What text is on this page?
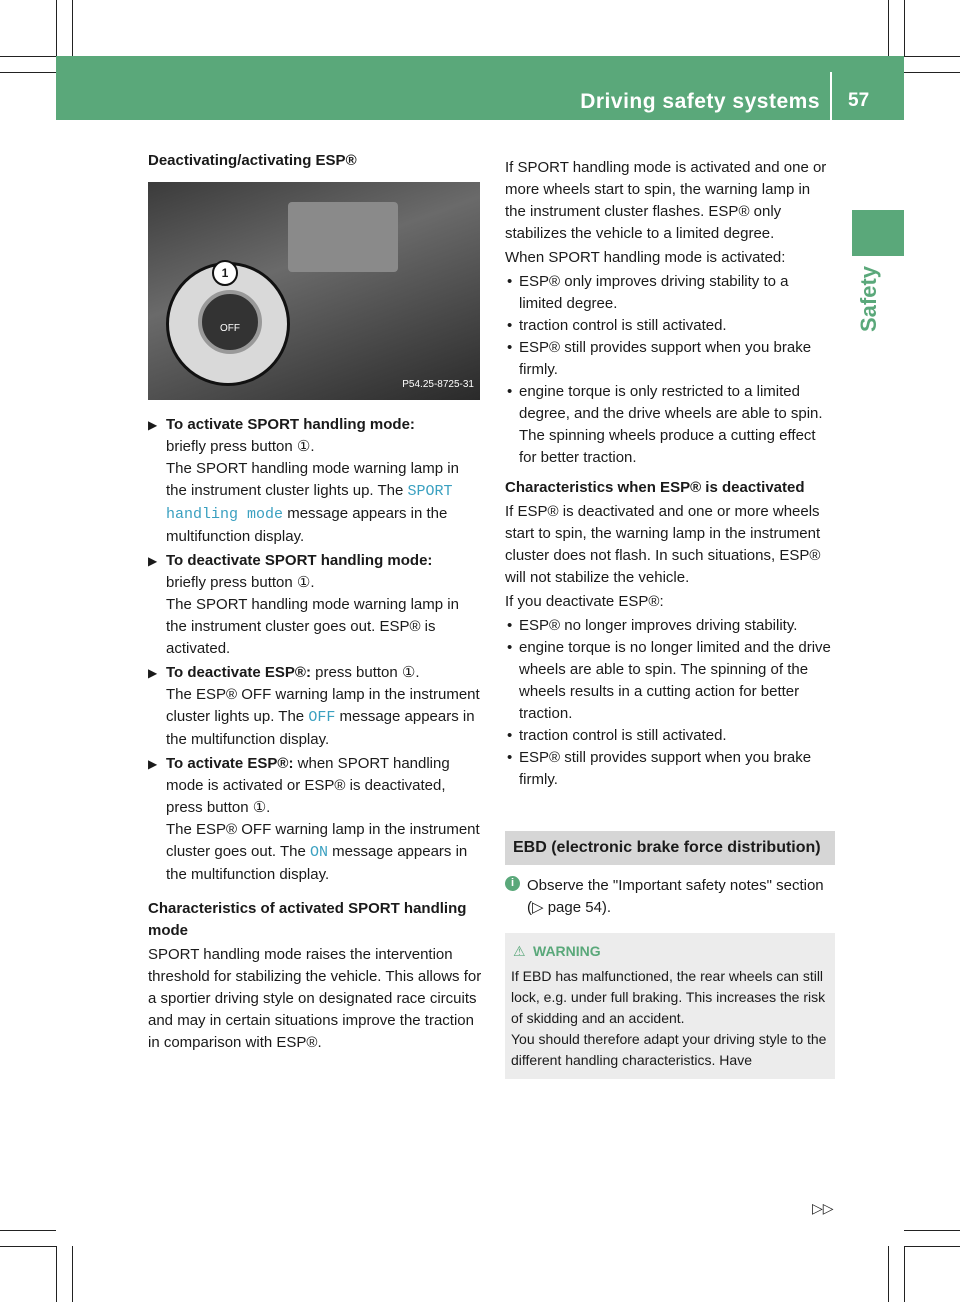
Driving safety systems 57
Safety

Deactivating/activating ESP®

OFF
1
P54.25-8725-31
▶ To activate SPORT handling mode:
briefly press button ①.
The SPORT handling mode warning lamp in the instrument cluster lights up. The SPORT handling mode message appears in the multifunction display.
▶ To deactivate SPORT handling mode:
briefly press button ①.
The SPORT handling mode warning lamp in the instrument cluster goes out. ESP® is activated.
▶ To deactivate ESP®: press button ①.
The ESP® OFF warning lamp in the instrument cluster lights up. The OFF message appears in the multifunction display.
▶ To activate ESP®: when SPORT handling mode is activated or ESP® is deactivated, press button ①.
The ESP® OFF warning lamp in the instrument cluster goes out. The ON message appears in the multifunction display.

Characteristics of activated SPORT handling mode

SPORT handling mode raises the intervention threshold for stabilizing the vehicle. This allows for a sportier driving style on designated race circuits and may in certain situations improve the traction in comparison with ESP®.

If SPORT handling mode is activated and one or more wheels start to spin, the warning lamp in the instrument cluster flashes. ESP® only stabilizes the vehicle to a limited degree.

When SPORT handling mode is activated:

• ESP® only improves driving stability to a limited degree.
• traction control is still activated.
• ESP® still provides support when you brake firmly.
• engine torque is only restricted to a limited degree, and the drive wheels are able to spin. The spinning wheels produce a cutting effect for better traction.

Characteristics when ESP® is deactivated

If ESP® is deactivated and one or more wheels start to spin, the warning lamp in the instrument cluster does not flash. In such situations, ESP® will not stabilize the vehicle.

If you deactivate ESP®:

• ESP® no longer improves driving stability.
• engine torque is no longer limited and the drive wheels are able to spin. The spinning of the wheels results in a cutting action for better traction.
• traction control is still activated.
• ESP® still provides support when you brake firmly.
EBD (electronic brake force distribution)
i Observe the "Important safety notes" section (▷ page 54).
⚠ WARNING
If EBD has malfunctioned, the rear wheels can still lock, e.g. under full braking. This increases the risk of skidding and an accident.
You should therefore adapt your driving style to the different handling characteristics. Have
▷▷
